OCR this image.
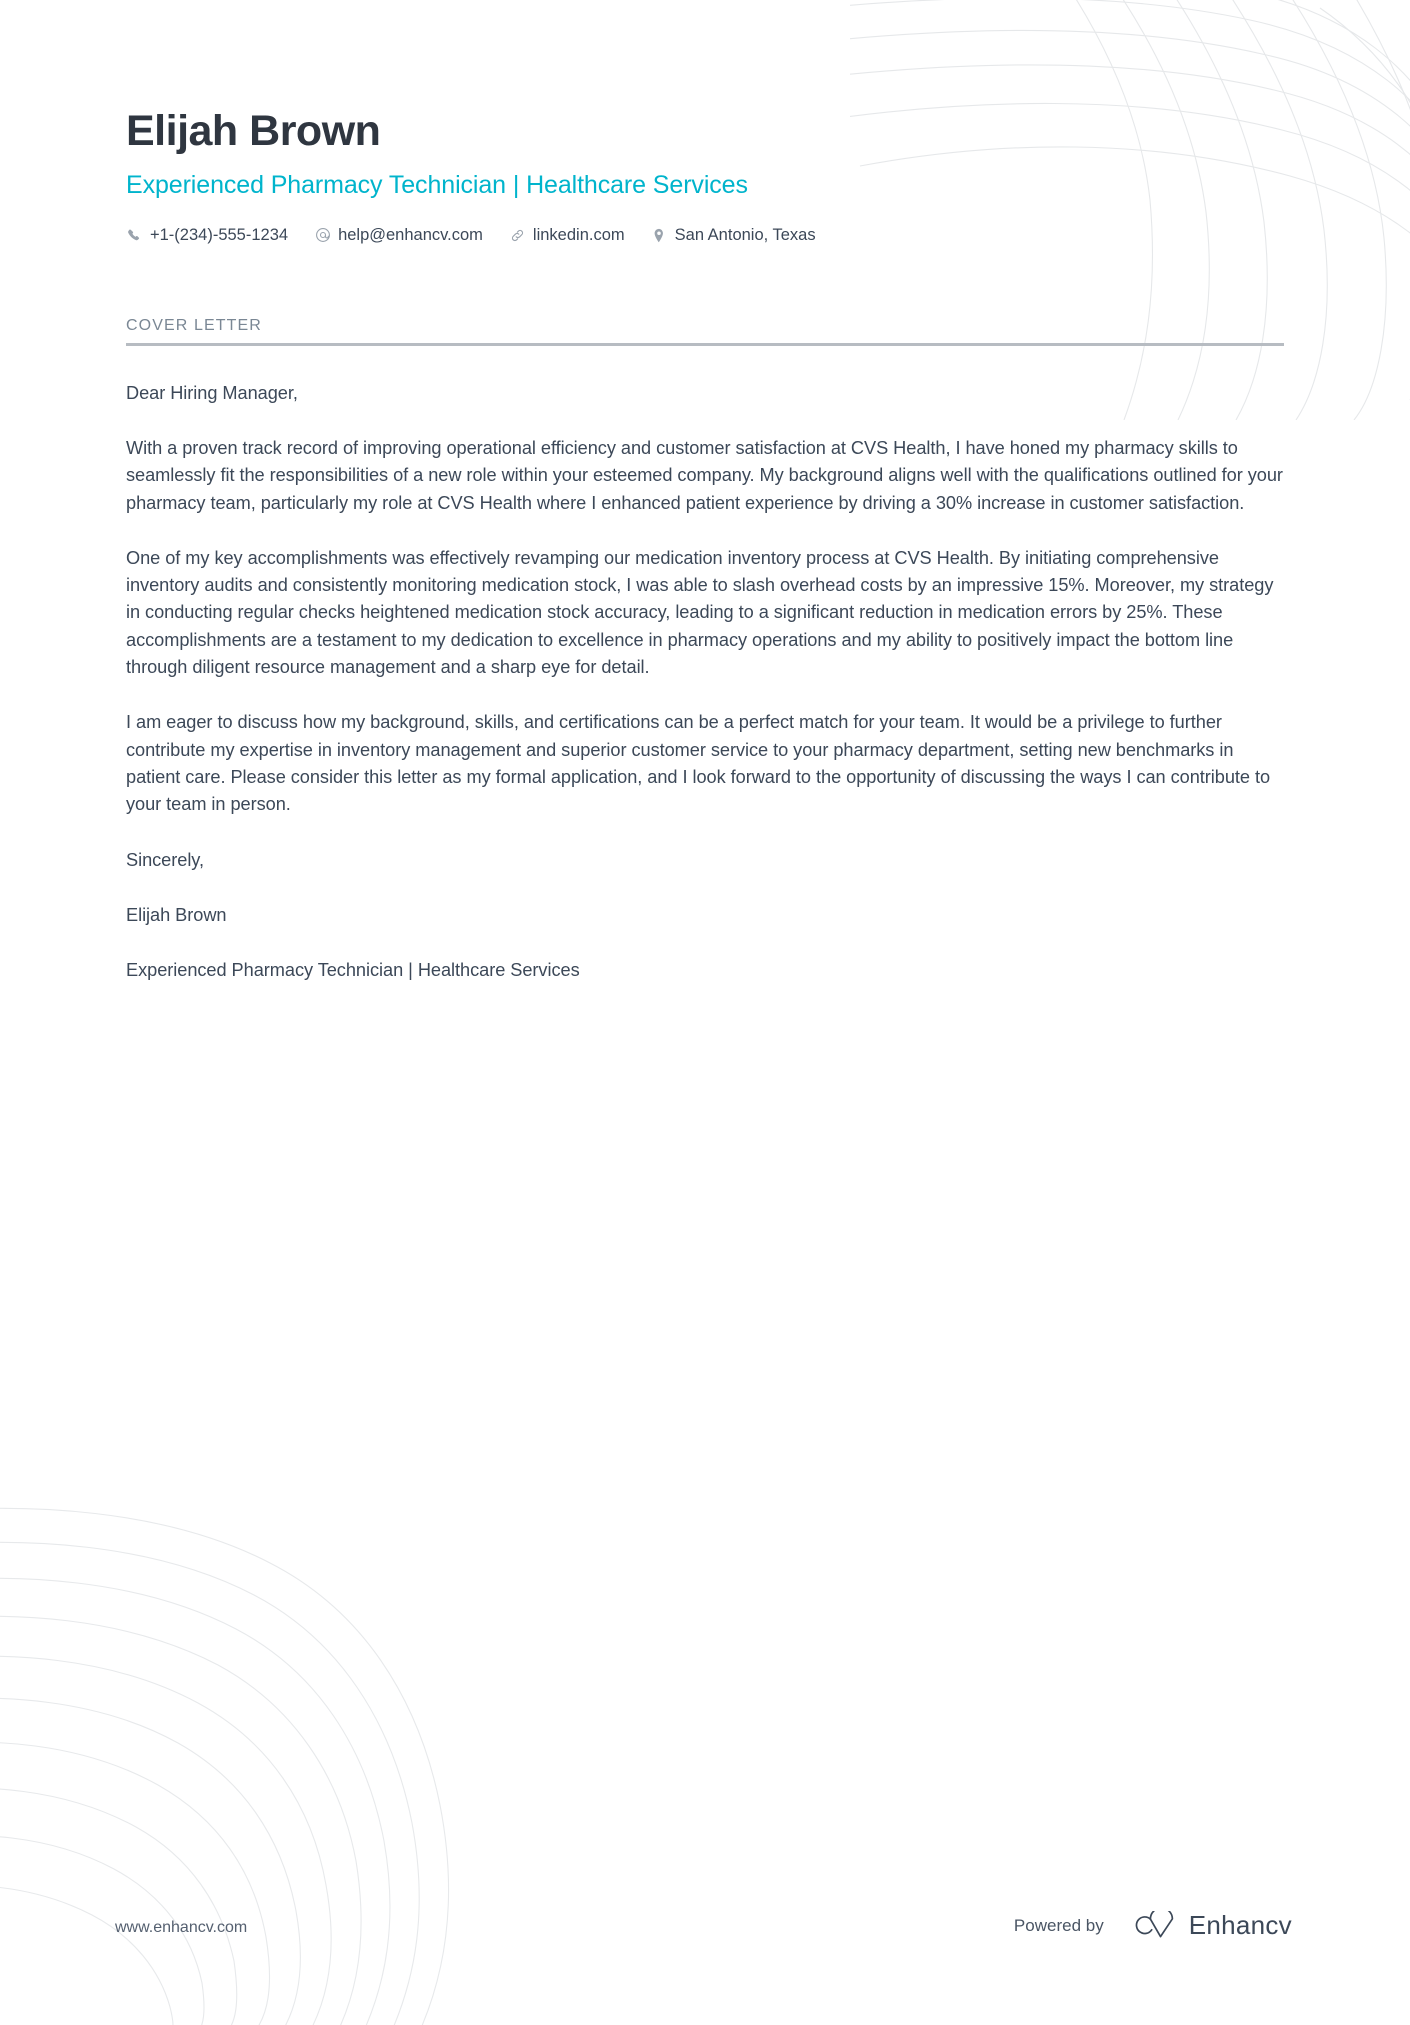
Elijah Brown
Experienced Pharmacy Technician | Healthcare Services
+1-(234)-555-1234	help@enhancv.com	linkedin.com	San Antonio, Texas
COVER LETTER

Dear Hiring Manager,

With a proven track record of improving operational efficiency and customer satisfaction at CVS Health, I have honed my pharmacy skills to seamlessly fit the responsibilities of a new role within your esteemed company. My background aligns well with the qualifications outlined for your pharmacy team, particularly my role at CVS Health where I enhanced patient experience by driving a 30% increase in customer satisfaction.

One of my key accomplishments was effectively revamping our medication inventory process at CVS Health. By initiating comprehensive inventory audits and consistently monitoring medication stock, I was able to slash overhead costs by an impressive 15%. Moreover, my strategy in conducting regular checks heightened medication stock accuracy, leading to a significant reduction in medication errors by 25%. These accomplishments are a testament to my dedication to excellence in pharmacy operations and my ability to positively impact the bottom line through diligent resource management and a sharp eye for detail.

I am eager to discuss how my background, skills, and certifications can be a perfect match for your team. It would be a privilege to further contribute my expertise in inventory management and superior customer service to your pharmacy department, setting new benchmarks in patient care. Please consider this letter as my formal application, and I look forward to the opportunity of discussing the ways I can contribute to your team in person.

Sincerely,

Elijah Brown

Experienced Pharmacy Technician | Healthcare Services

www.enhancv.com	Powered by	Enhancv
